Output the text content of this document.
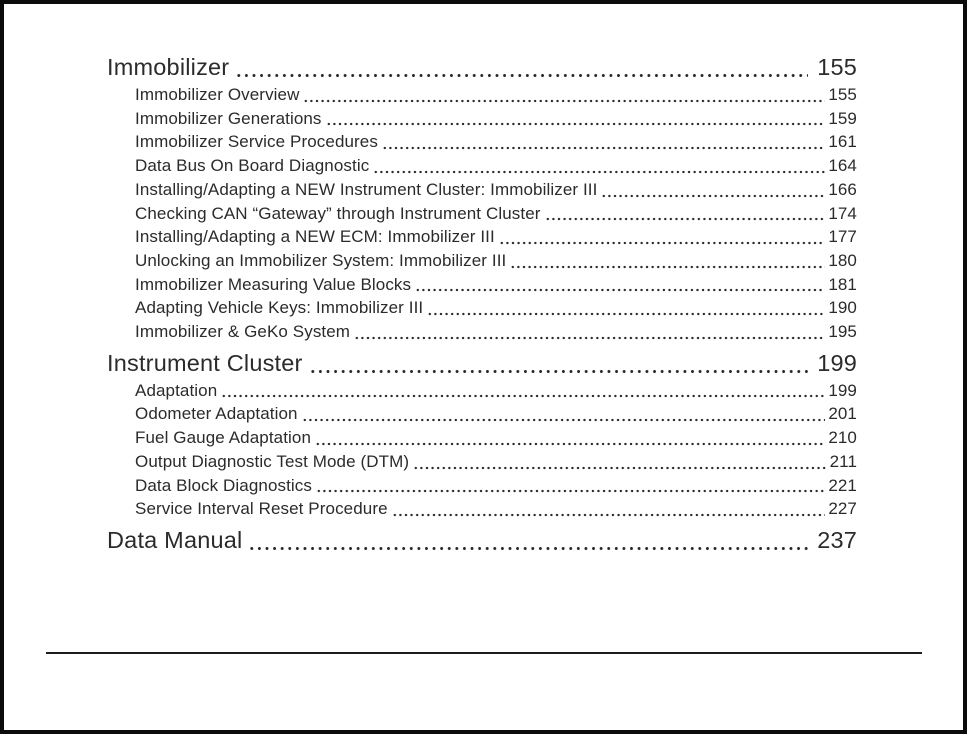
Immobilizer	155
Immobilizer Overview	155
Immobilizer Generations	159
Immobilizer Service Procedures	161
Data Bus On Board Diagnostic	164
Installing/Adapting a NEW Instrument Cluster: Immobilizer III	166
Checking CAN “Gateway” through Instrument Cluster	174
Installing/Adapting a NEW ECM: Immobilizer III	177
Unlocking an Immobilizer System: Immobilizer III	180
Immobilizer Measuring Value Blocks	181
Adapting Vehicle Keys: Immobilizer III	190
Immobilizer & GeKo System	195
Instrument Cluster	199
Adaptation	199
Odometer Adaptation	201
Fuel Gauge Adaptation	210
Output Diagnostic Test Mode (DTM)	211
Data Block Diagnostics	221
Service Interval Reset Procedure	227
Data Manual	237
